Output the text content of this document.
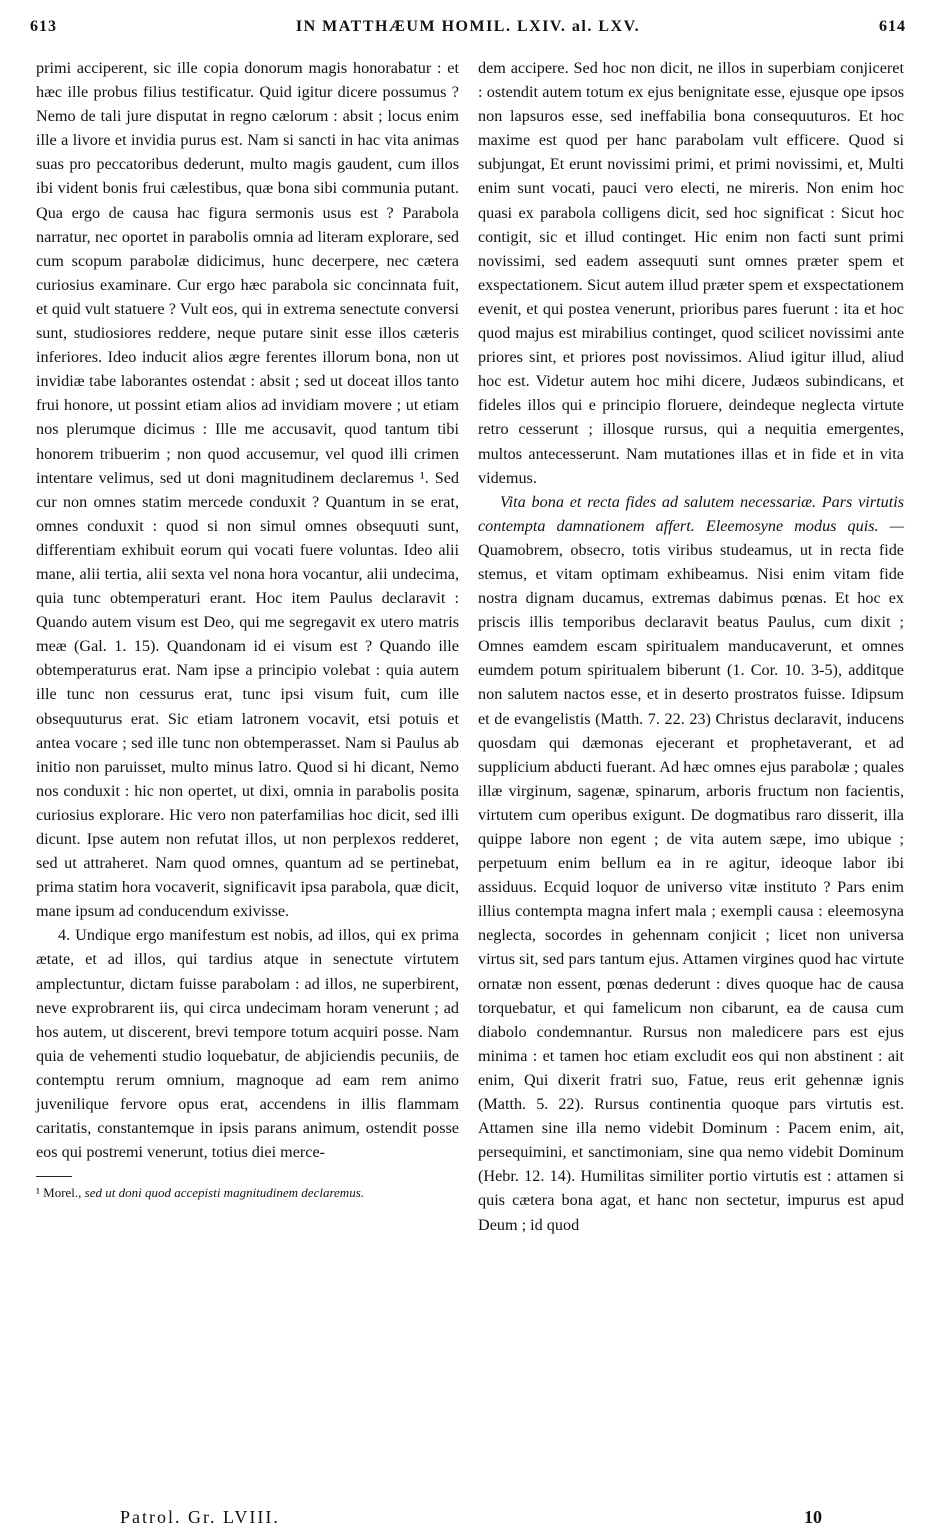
613	IN MATTHÆUM HOMIL. LXIV. al. LXV.	614

primi acciperent, sic ille copia donorum magis honorabatur : et hæc ille probus filius testificatur. Quid igitur dicere possumus ? Nemo de tali jure disputat in regno cælorum : absit ; locus enim ille a livore et invidia purus est. Nam si sancti in hac vita animas suas pro peccatoribus dederunt, multo magis gaudent, cum illos ibi vident bonis frui cælestibus, quæ bona sibi communia putant. Qua ergo de causa hac figura sermonis usus est ? Parabola narratur, nec oportet in parabolis omnia ad literam explorare, sed cum scopum parabolæ didicimus, hunc decerpere, nec cætera curiosius examinare. Cur ergo hæc parabola sic concinnata fuit, et quid vult statuere ? Vult eos, qui in extrema senectute conversi sunt, studiosiores reddere, neque putare sinit esse illos cæteris inferiores. Ideo inducit alios ægre ferentes illorum bona, non ut invidiæ tabe laborantes ostendat : absit ; sed ut doceat illos tanto frui honore, ut possint etiam alios ad invidiam movere ; ut etiam nos plerumque dicimus : Ille me accusavit, quod tantum tibi honorem tribuerim ; non quod accusemur, vel quod illi crimen intentare velimus, sed ut doni magnitudinem declaremus ¹. Sed cur non omnes statim mercede conduxit ? Quantum in se erat, omnes conduxit : quod si non simul omnes obsequuti sunt, differentiam exhibuit eorum qui vocati fuere voluntas. Ideo alii mane, alii tertia, alii sexta vel nona hora vocantur, alii undecima, quia tunc obtemperaturi erant. Hoc item Paulus declaravit : Quando autem visum est Deo, qui me segregavit ex utero matris meæ (Gal. 1. 15). Quandonam id ei visum est ? Quando ille obtemperaturus erat. Nam ipse a principio volebat : quia autem ille tunc non cessurus erat, tunc ipsi visum fuit, cum ille obsequuturus erat. Sic etiam latronem vocavit, etsi potuis et antea vocare ; sed ille tunc non obtemperasset. Nam si Paulus ab initio non paruisset, multo minus latro. Quod si hi dicant, Nemo nos conduxit : hic non opertet, ut dixi, omnia in parabolis posita curiosius explorare. Hic vero non paterfamilias hoc dicit, sed illi dicunt. Ipse autem non refutat illos, ut non perplexos redderet, sed ut attraheret. Nam quod omnes, quantum ad se pertinebat, prima statim hora vocaverit, significavit ipsa parabola, quæ dicit, mane ipsum ad conducendum exivisse.

4. Undique ergo manifestum est nobis, ad illos, qui ex prima ætate, et ad illos, qui tardius atque in senectute virtutem amplectuntur, dictam fuisse parabolam : ad illos, ne superbirent, neve exprobrarent iis, qui circa undecimam horam venerunt ; ad hos autem, ut discerent, brevi tempore totum acquiri posse. Nam quia de vehementi studio loquebatur, de abjiciendis pecuniis, de contemptu rerum omnium, magnoque ad eam rem animo juvenilique fervore opus erat, accendens in illis flammam caritatis, constantemque in ipsis parans animum, ostendit posse eos qui postremi venerunt, totius diei merce-

¹ Morel., sed ut doni quod accepisti magnitudinem declaremus.

dem accipere. Sed hoc non dicit, ne illos in superbiam conjiceret : ostendit autem totum ex ejus benignitate esse, ejusque ope ipsos non lapsuros esse, sed ineffabilia bona consequuturos. Et hoc maxime est quod per hanc parabolam vult efficere. Quod si subjungat, Et erunt novissimi primi, et primi novissimi, et, Multi enim sunt vocati, pauci vero electi, ne mireris. Non enim hoc quasi ex parabola colligens dicit, sed hoc significat : Sicut hoc contigit, sic et illud continget. Hic enim non facti sunt primi novissimi, sed eadem assequuti sunt omnes præter spem et exspectationem. Sicut autem illud præter spem et exspectationem evenit, et qui postea venerunt, prioribus pares fuerunt : ita et hoc quod majus est mirabilius continget, quod scilicet novissimi ante priores sint, et priores post novissimos. Aliud igitur illud, aliud hoc est. Videtur autem hoc mihi dicere, Judæos subindicans, et fideles illos qui e principio floruere, deindeque neglecta virtute retro cesserunt ; illosque rursus, qui a nequitia emergentes, multos antecesserunt. Nam mutationes illas et in fide et in vita videmus.

Vita bona et recta fides ad salutem necessariæ. Pars virtutis contempta damnationem affert. Eleemosyne modus quis. — Quamobrem, obsecro, totis viribus studeamus, ut in recta fide stemus, et vitam optimam exhibeamus. Nisi enim vitam fide nostra dignam ducamus, extremas dabimus pœnas. Et hoc ex priscis illis temporibus declaravit beatus Paulus, cum dixit ; Omnes eamdem escam spiritualem manducaverunt, et omnes eumdem potum spiritualem biberunt (1. Cor. 10. 3-5), additque non salutem nactos esse, et in deserto prostratos fuisse. Idipsum et de evangelistis (Matth. 7. 22. 23) Christus declaravit, inducens quosdam qui dæmonas ejecerant et prophetaverant, et ad supplicium abducti fuerant. Ad hæc omnes ejus parabolæ ; quales illæ virginum, sagenæ, spinarum, arboris fructum non facientis, virtutem cum operibus exigunt. De dogmatibus raro disserit, illa quippe labore non egent ; de vita autem sæpe, imo ubique ; perpetuum enim bellum ea in re agitur, ideoque labor ibi assiduus. Ecquid loquor de universo vitæ instituto ? Pars enim illius contempta magna infert mala ; exempli causa : eleemosyna neglecta, socordes in gehennam conjicit ; licet non universa virtus sit, sed pars tantum ejus. Attamen virgines quod hac virtute ornatæ non essent, pœnas dederunt : dives quoque hac de causa torquebatur, et qui famelicum non cibarunt, ea de causa cum diabolo condemnantur. Rursus non maledicere pars est ejus minima : et tamen hoc etiam excludit eos qui non abstinent : ait enim, Qui dixerit fratri suo, Fatue, reus erit gehennæ ignis (Matth. 5. 22). Rursus continentia quoque pars virtutis est. Attamen sine illa nemo videbit Dominum : Pacem enim, ait, persequimini, et sanctimoniam, sine qua nemo videbit Dominum (Hebr. 12. 14). Humilitas similiter portio virtutis est : attamen si quis cætera bona agat, et hanc non sectetur, impurus est apud Deum ; id quod

Patrol. Gr. LVIII.	10
